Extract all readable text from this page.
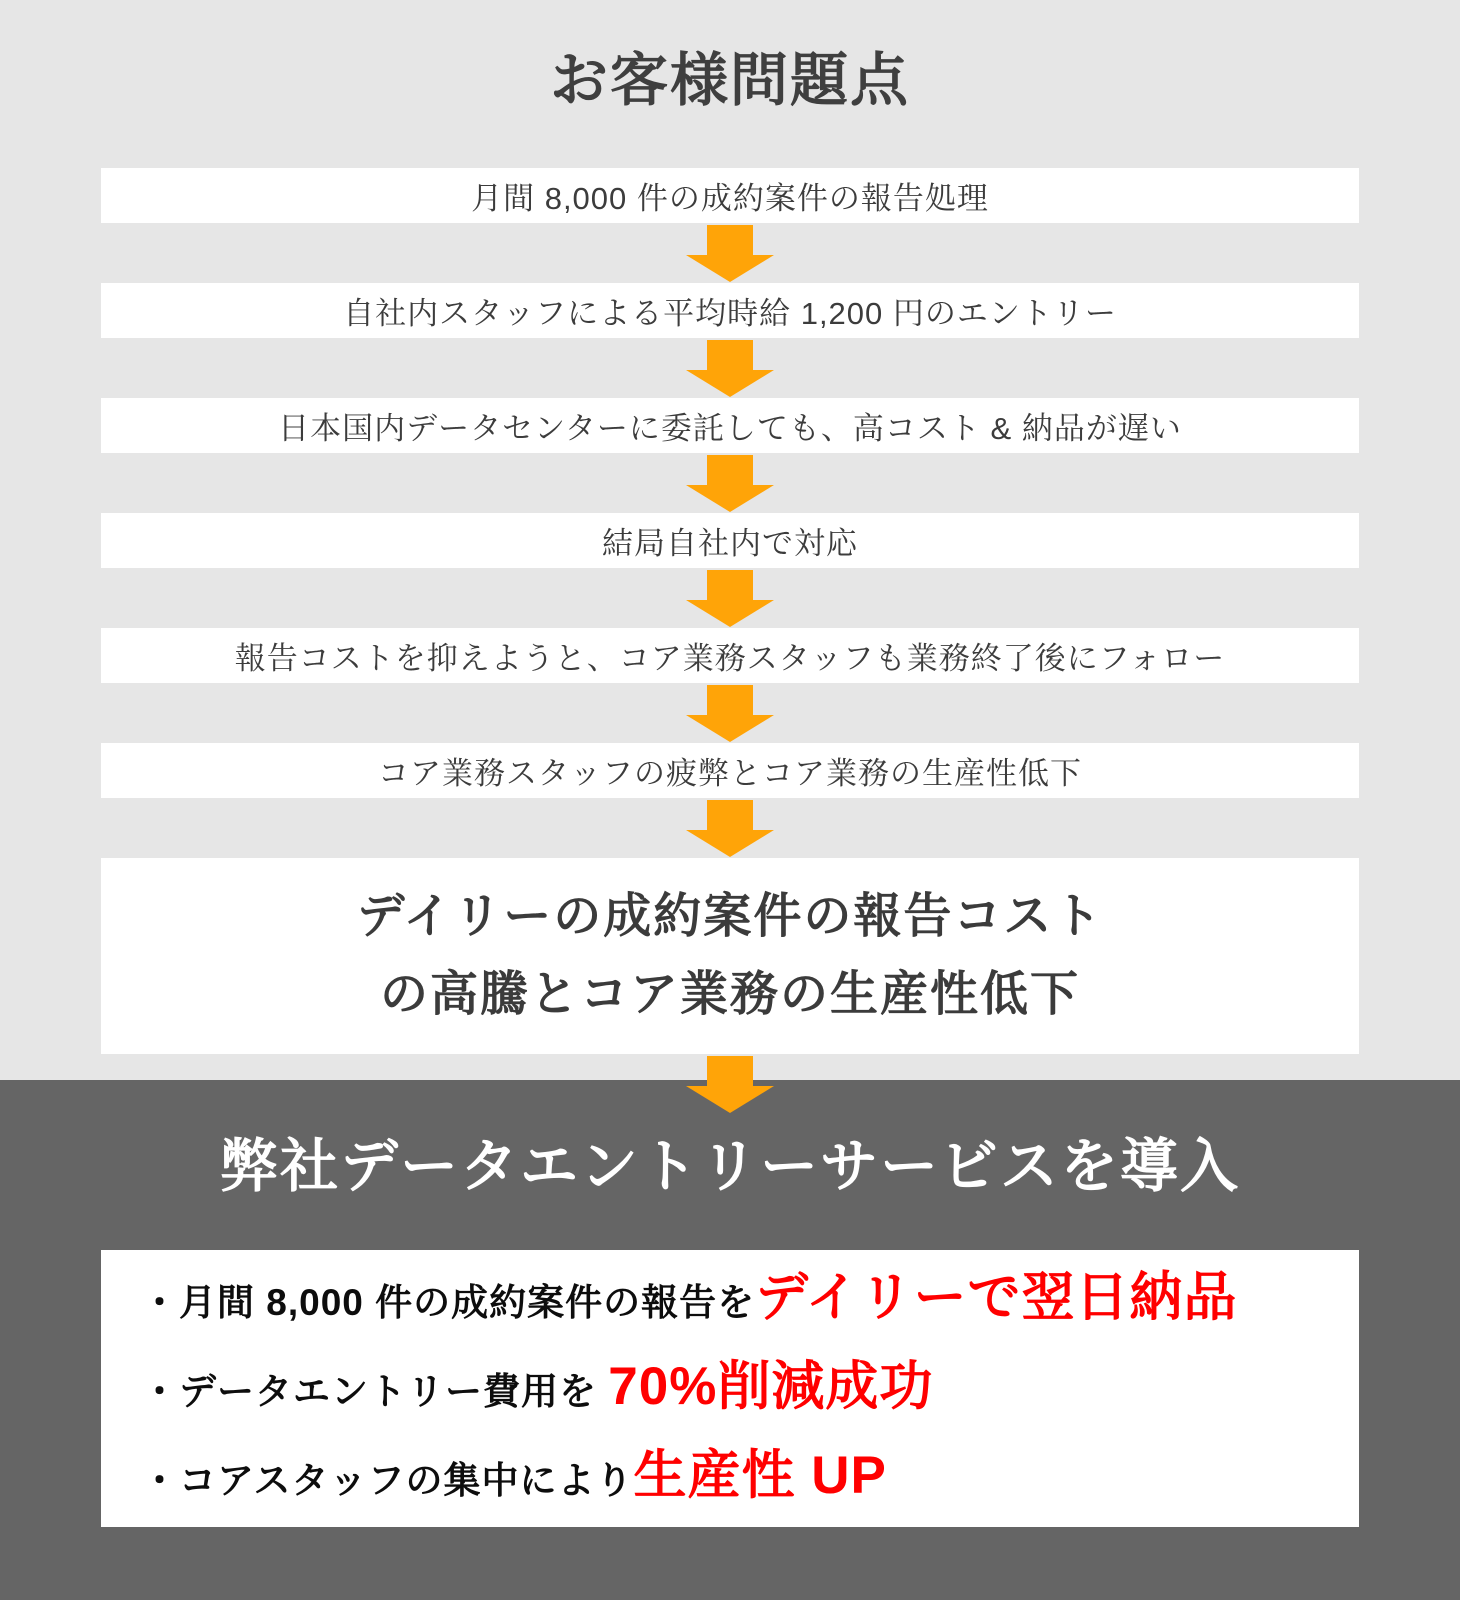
お客様問題点
月間 8,000 件の成約案件の報告処理
自社内スタッフによる平均時給 1,200 円のエントリー
日本国内データセンターに委託しても、高コスト & 納品が遅い
結局自社内で対応
報告コストを抑えようと、コア業務スタッフも業務終了後にフォロー
コア業務スタッフの疲弊とコア業務の生産性低下
デイリーの成約案件の報告コスト
の高騰とコア業務の生産性低下
弊社データエントリーサービスを導入
・月間 8,000 件の成約案件の報告をデイリーで翌日納品
・データエントリー費用を 70%削減成功
・コアスタッフの集中により生産性 UP
